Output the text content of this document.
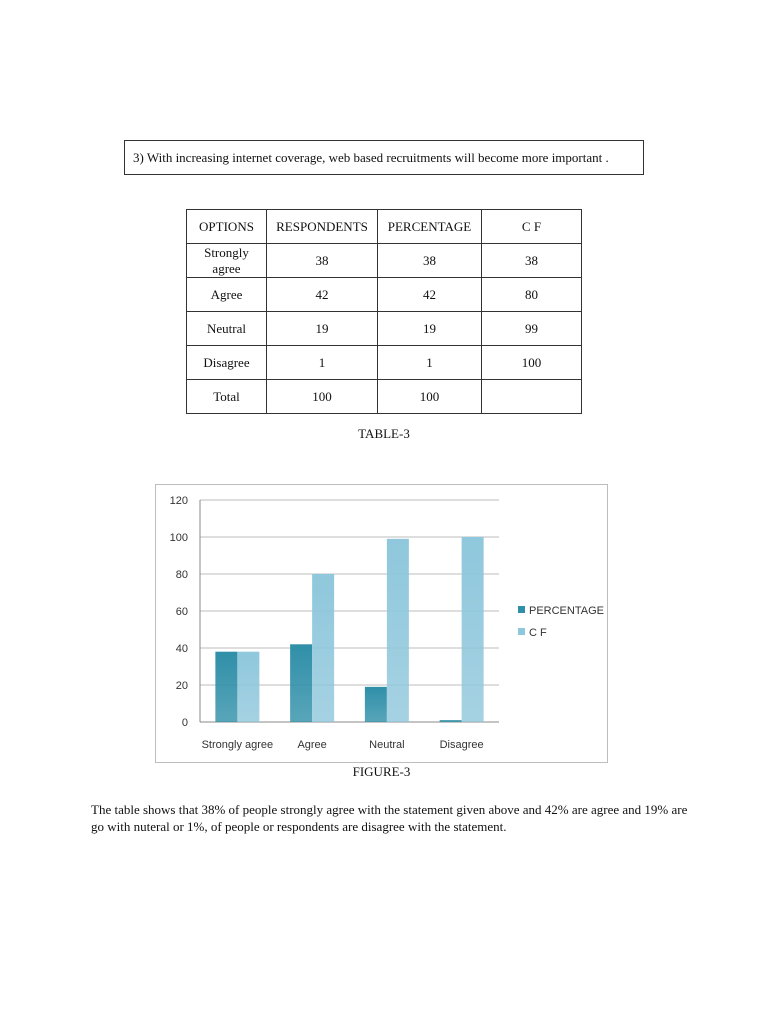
3) With increasing internet coverage, web based recruitments will become more important .
OPTIONS	RESPONDENTS	PERCENTAGE	C F
Strongly agree	38	38	38
Agree	42	42	80
Neutral	19	19	99
Disagree	1	1	100
Total	100	100	
TABLE-3
0
20
40
60
80
100
120
Strongly agree Agree	Neutral	Disagree
PERCENTAGE
C F
FIGURE-3
The table shows that 38% of people strongly agree with the statement given above and 42% are agree and 19% are go with nuteral or 1%, of people or respondents are disagree with the statement.
